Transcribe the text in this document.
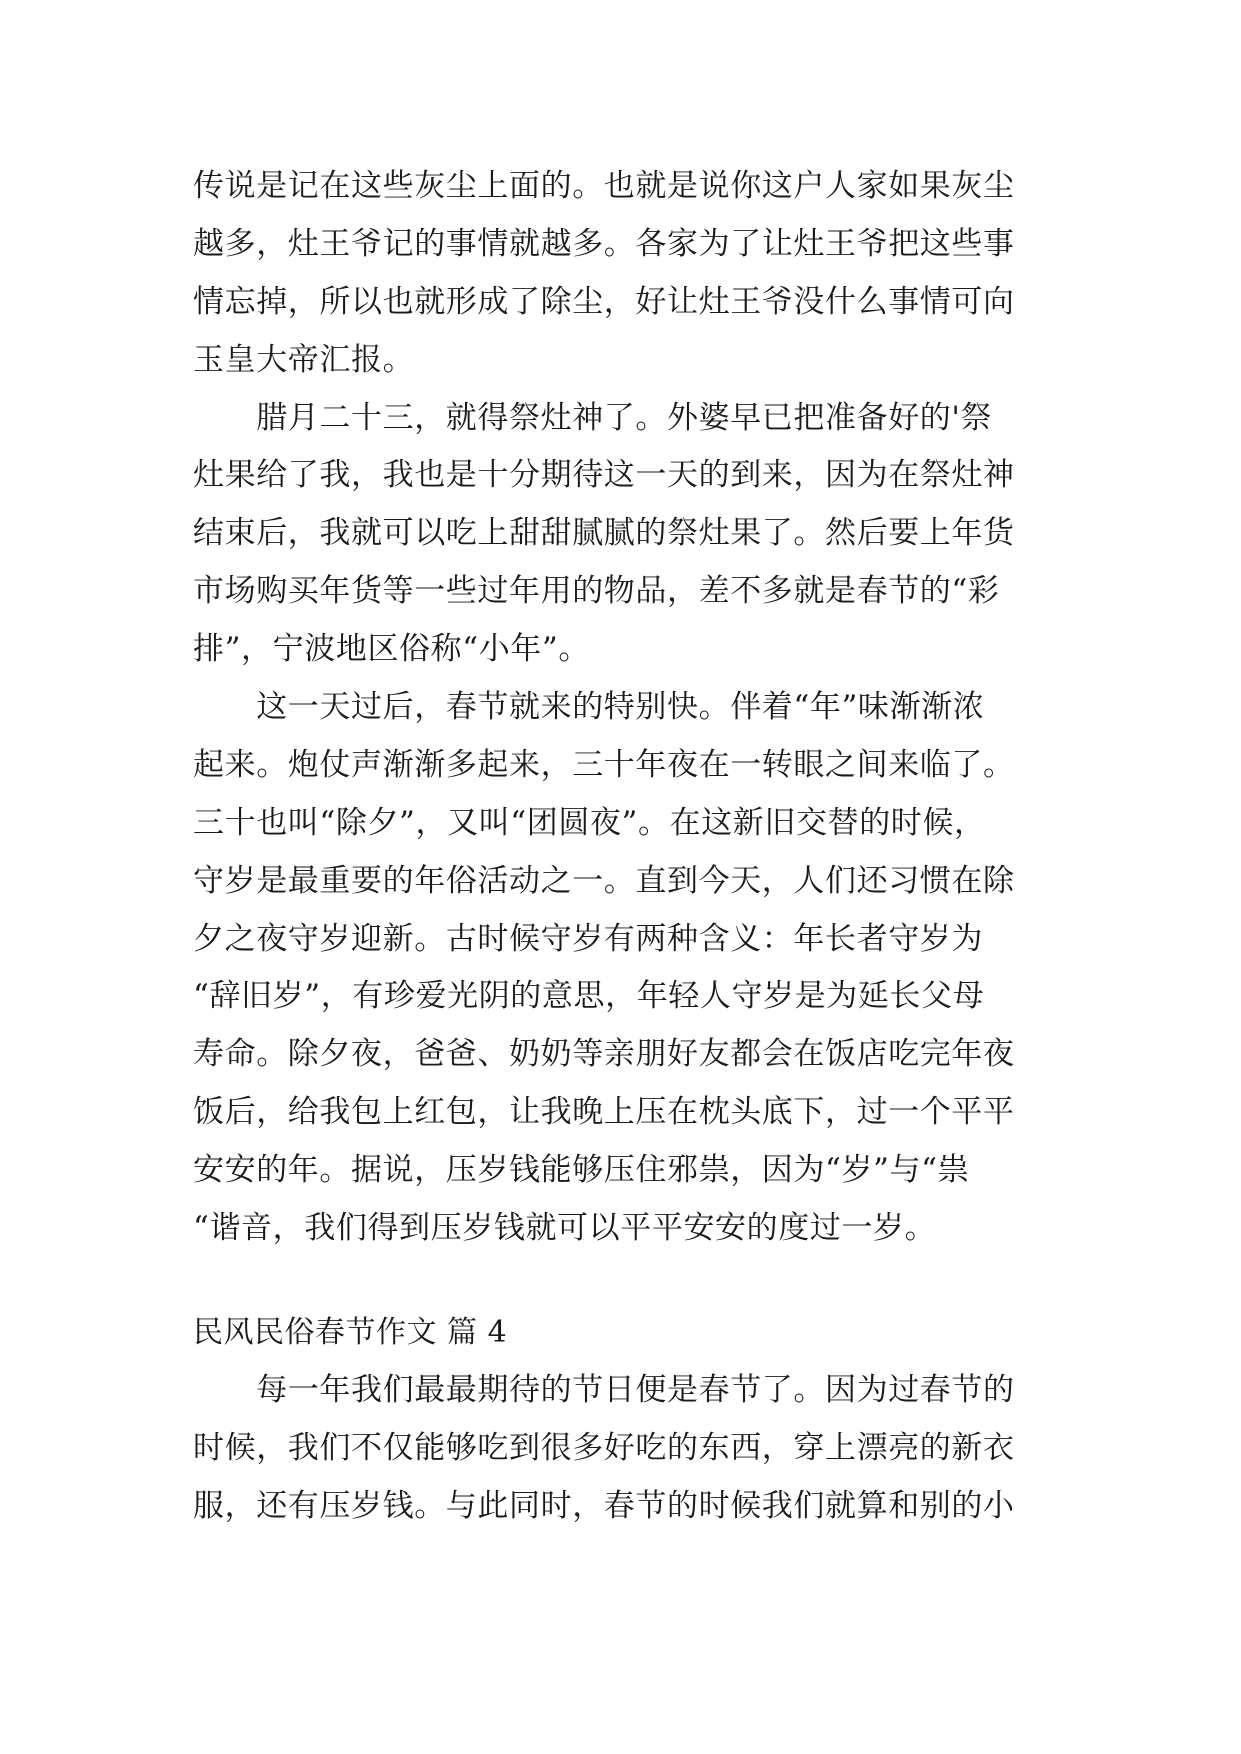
传说是记在这些灰尘上面的。也就是说你这户人家如果灰尘
越多，灶王爷记的事情就越多。各家为了让灶王爷把这些事
情忘掉，所以也就形成了除尘，好让灶王爷没什么事情可向
玉皇大帝汇报。
　　腊月二十三，就得祭灶神了。外婆早已把准备好的'祭
灶果给了我，我也是十分期待这一天的到来，因为在祭灶神
结束后，我就可以吃上甜甜腻腻的祭灶果了。然后要上年货
市场购买年货等一些过年用的物品，差不多就是春节的“彩
排”，宁波地区俗称“小年”。
　　这一天过后，春节就来的特别快。伴着“年”味渐渐浓
起来。炮仗声渐渐多起来，三十年夜在一转眼之间来临了。
三十也叫“除夕”，又叫“团圆夜”。在这新旧交替的时候，
守岁是最重要的年俗活动之一。直到今天，人们还习惯在除
夕之夜守岁迎新。古时候守岁有两种含义：年长者守岁为
“辞旧岁”，有珍爱光阴的意思，年轻人守岁是为延长父母
寿命。除夕夜，爸爸、奶奶等亲朋好友都会在饭店吃完年夜
饭后，给我包上红包，让我晚上压在枕头底下，过一个平平
安安的年。据说，压岁钱能够压住邪祟，因为“岁”与“祟
“谐音，我们得到压岁钱就可以平平安安的度过一岁。
民风民俗春节作文 篇 4
　　每一年我们最最期待的节日便是春节了。因为过春节的
时候，我们不仅能够吃到很多好吃的东西，穿上漂亮的新衣
服，还有压岁钱。与此同时，春节的时候我们就算和别的小
